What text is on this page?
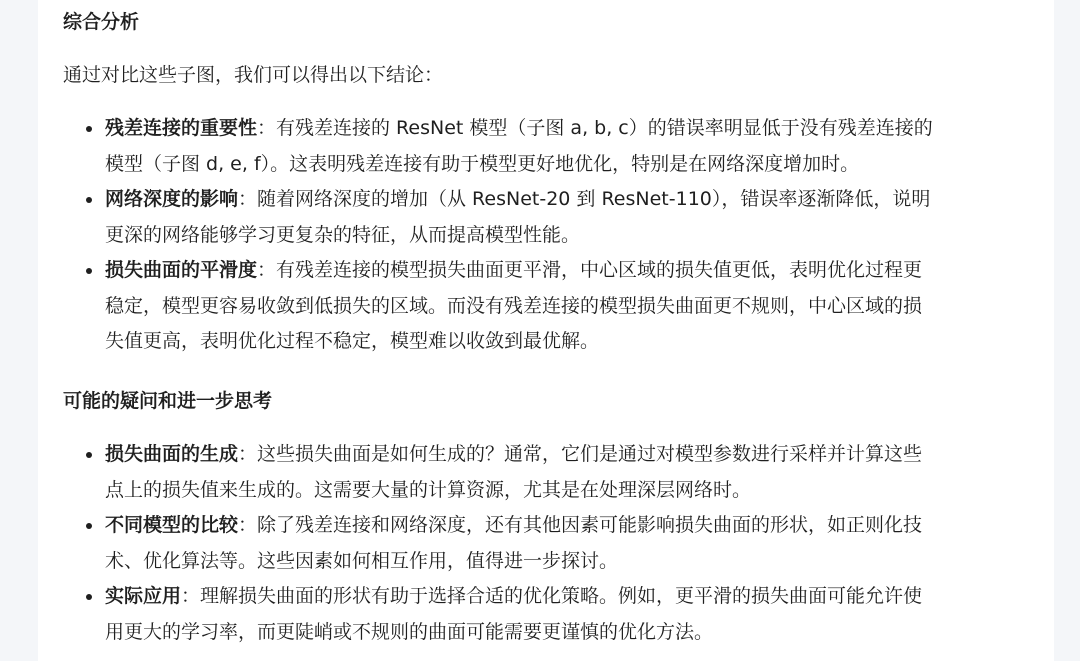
综合分析

通过对比这些子图，我们可以得出以下结论：

残差连接的重要性：有残差连接的 ResNet 模型（子图 a, b, c）的错误率明显低于没有残差连接的
模型（子图 d, e, f）。这表明残差连接有助于模型更好地优化，特别是在网络深度增加时。
网络深度的影响：随着网络深度的增加（从 ResNet-20 到 ResNet-110），错误率逐渐降低，说明
更深的网络能够学习更复杂的特征，从而提高模型性能。
损失曲面的平滑度：有残差连接的模型损失曲面更平滑，中心区域的损失值更低，表明优化过程更
稳定，模型更容易收敛到低损失的区域。而没有残差连接的模型损失曲面更不规则，中心区域的损
失值更高，表明优化过程不稳定，模型难以收敛到最优解。
可能的疑问和进一步思考
损失曲面的生成：这些损失曲面是如何生成的？通常，它们是通过对模型参数进行采样并计算这些
点上的损失值来生成的。这需要大量的计算资源，尤其是在处理深层网络时。
不同模型的比较：除了残差连接和网络深度，还有其他因素可能影响损失曲面的形状，如正则化技
术、优化算法等。这些因素如何相互作用，值得进一步探讨。
实际应用：理解损失曲面的形状有助于选择合适的优化策略。例如，更平滑的损失曲面可能允许使
用更大的学习率，而更陡峭或不规则的曲面可能需要更谨慎的优化方法。
